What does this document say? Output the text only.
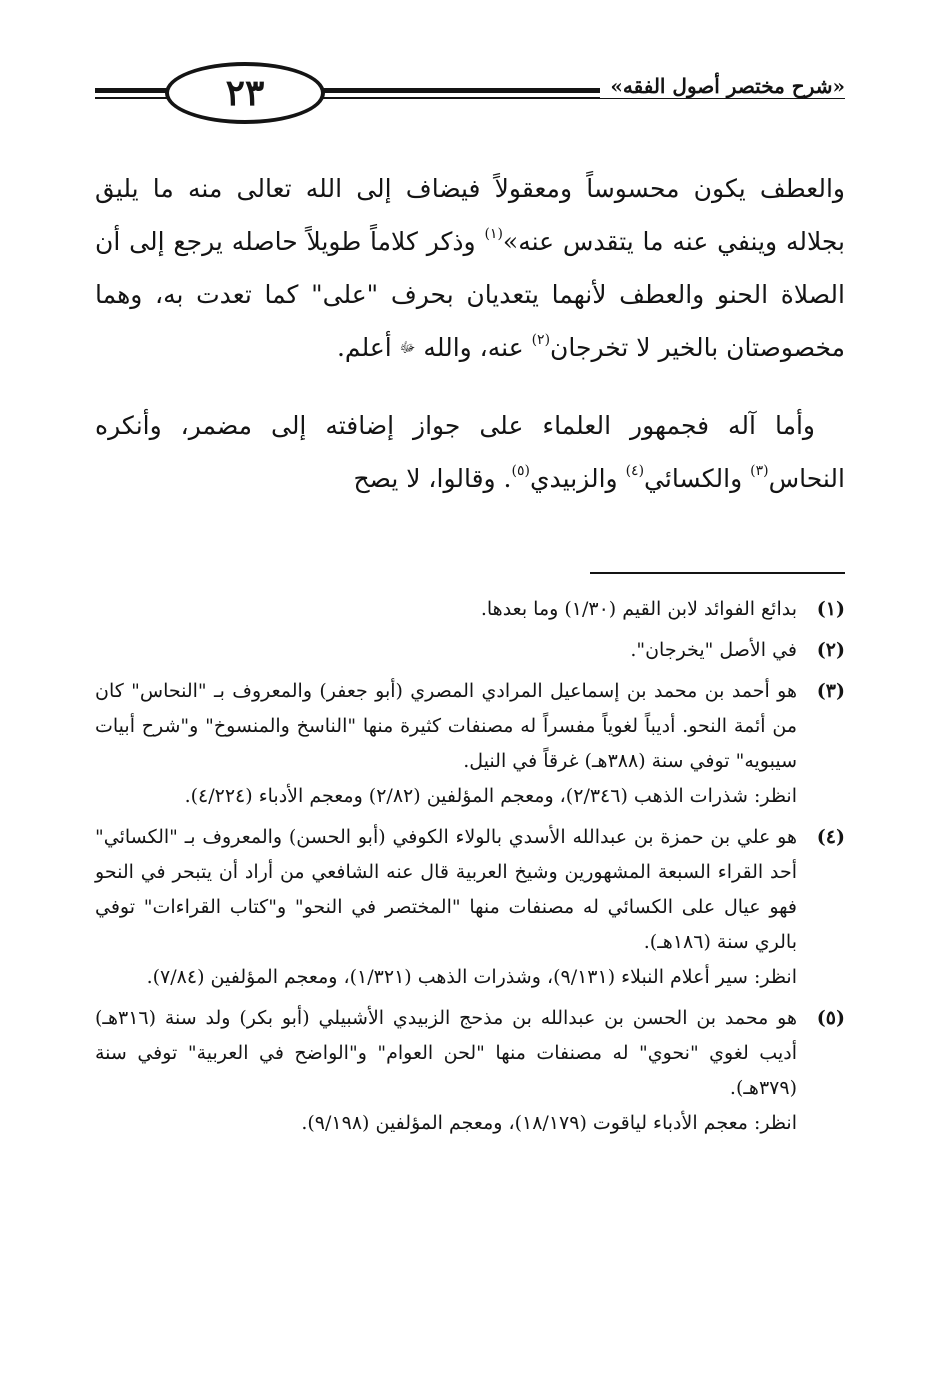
٢٣	«شرح مختصر أصول الفقه»

والعطف يكون محسوساً ومعقولاً فيضاف إلى الله تعالى منه ما يليق بجلاله وينفي عنه ما يتقدس عنه»$^{(١)}$ وذكر كلاماً طويلاً حاصله يرجع إلى أن الصلاة الحنو والعطف لأنهما يتعديان بحرف "على" كما تعدت به، وهما مخصوصتان بالخير لا تخرجان$^{(٢)}$ عنه، والله ﷻ أعلم.

وأما آله فجمهور العلماء على جواز إضافته إلى مضمر، وأنكره النحاس$^{(٣)}$ والكسائي$^{(٤)}$ والزبيدي$^{(٥)}$. وقالوا، لا يصح

(١)

بدائع الفوائد لابن القيم (١/٣٠) وما بعدها.

(٢)

في الأصل "يخرجان".

(٣)

هو أحمد بن محمد بن إسماعيل المرادي المصري (أبو جعفر) والمعروف بـ "النحاس" كان من أئمة النحو. أديباً لغوياً مفسراً له مصنفات كثيرة منها "الناسخ والمنسوخ" و"شرح أبيات سيبويه" توفي سنة (٣٨٨هـ) غرقاً في النيل.

انظر: شذرات الذهب (٢/٣٤٦)، ومعجم المؤلفين (٢/٨٢) ومعجم الأدباء (٤/٢٢٤).

(٤)

هو علي بن حمزة بن عبدالله الأسدي بالولاء الكوفي (أبو الحسن) والمعروف بـ "الكسائي" أحد القراء السبعة المشهورين وشيخ العربية قال عنه الشافعي من أراد أن يتبحر في النحو فهو عيال على الكسائي له مصنفات منها "المختصر في النحو" و"كتاب القراءات" توفي بالري سنة (١٨٦هـ).

انظر: سير أعلام النبلاء (٩/١٣١)، وشذرات الذهب (١/٣٢١)، ومعجم المؤلفين (٧/٨٤).

(٥)

هو محمد بن الحسن بن عبدالله بن مذحج الزبيدي الأشبيلي (أبو بكر) ولد سنة (٣١٦هـ) أديب لغوي "نحوي" له مصنفات منها "لحن العوام" و"الواضح في العربية" توفي سنة (٣٧٩هـ).

انظر: معجم الأدباء لياقوت (١٨/١٧٩)، ومعجم المؤلفين (٩/١٩٨).
